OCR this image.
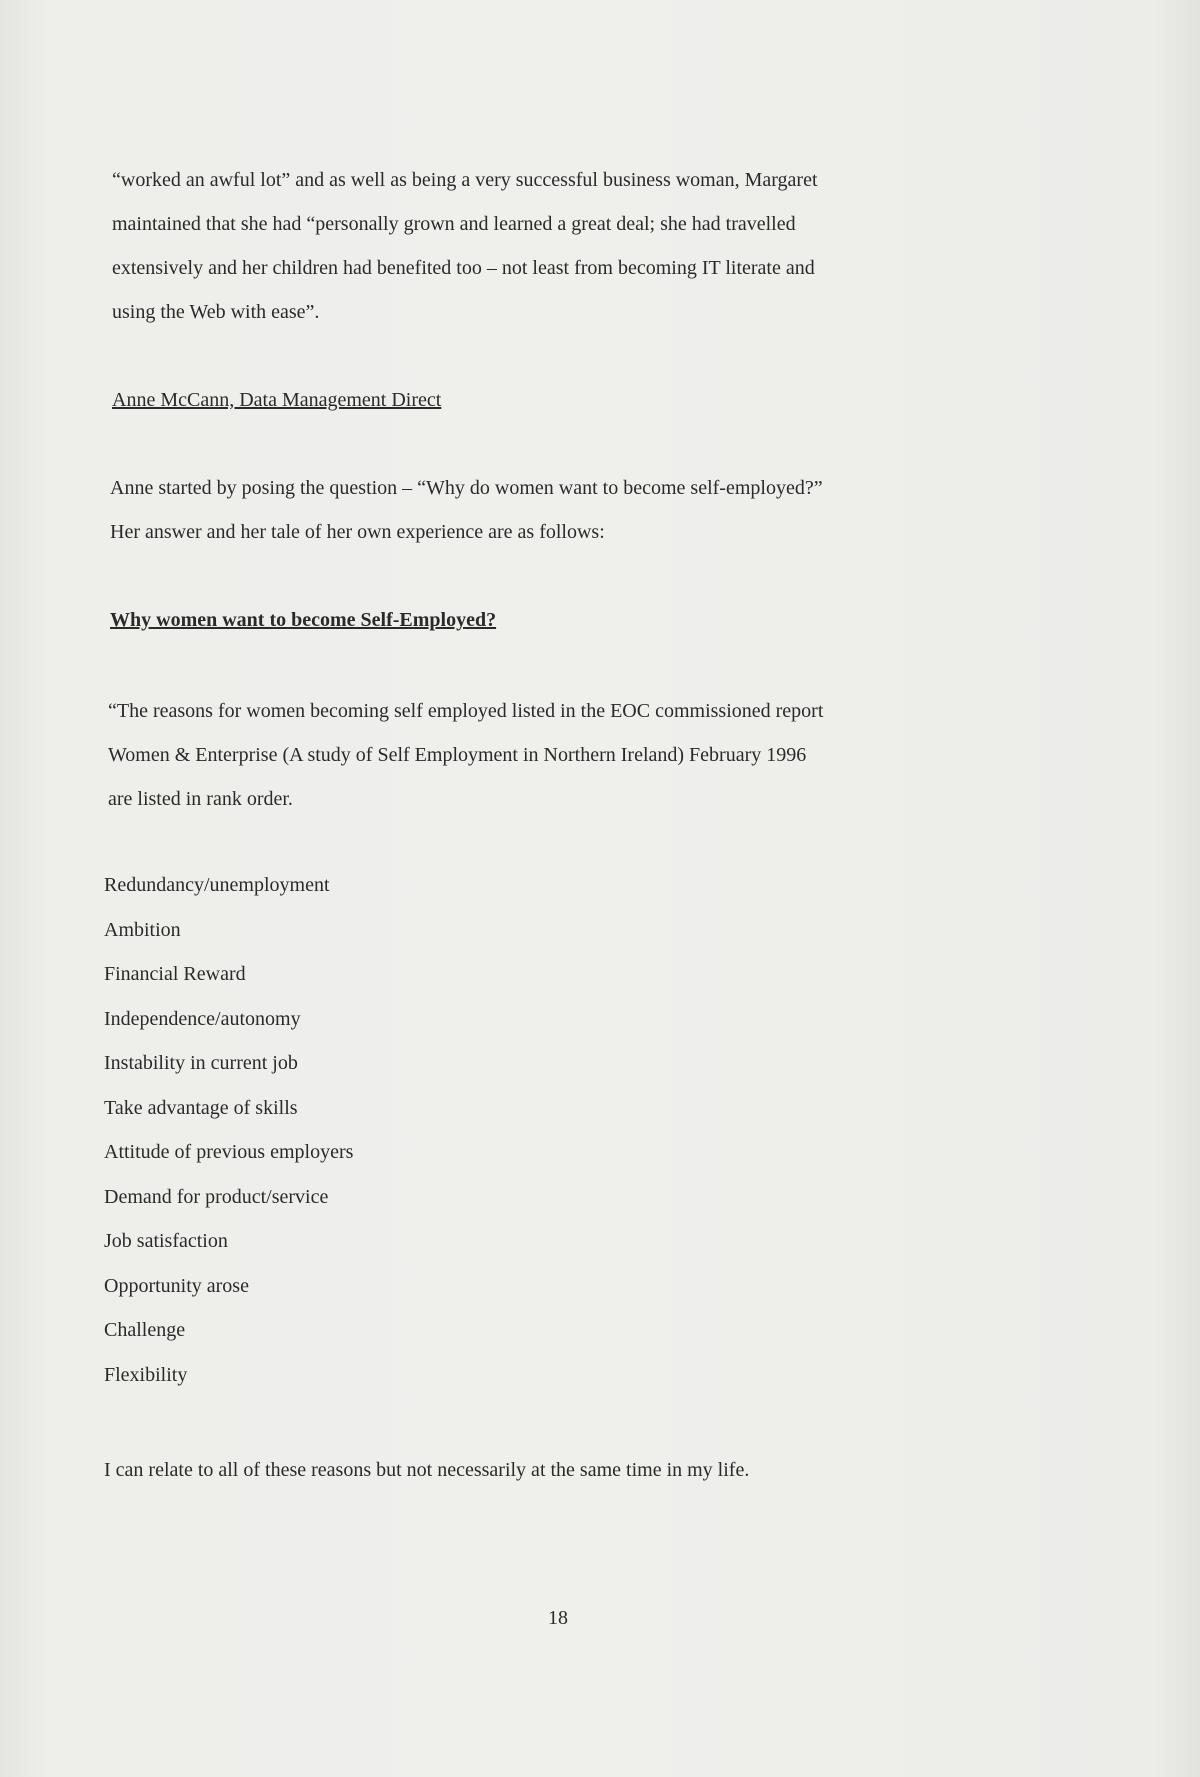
“worked an awful lot” and as well as being a very successful business woman, Margaret
maintained that she had “personally grown and learned a great deal; she had travelled
extensively and her children had benefited too – not least from becoming IT literate and
using the Web with ease”.
Anne McCann, Data Management Direct
Anne started by posing the question – “Why do women want to become self-employed?”
Her answer and her tale of her own experience are as follows:
Why women want to become Self-Employed?
“The reasons for women becoming self employed listed in the EOC commissioned report
Women & Enterprise (A study of Self Employment in Northern Ireland) February 1996
are listed in rank order.
Redundancy/unemployment
Ambition
Financial Reward
Independence/autonomy
Instability in current job
Take advantage of skills
Attitude of previous employers
Demand for product/service
Job satisfaction
Opportunity arose
Challenge
Flexibility
I can relate to all of these reasons but not necessarily at the same time in my life.
18
